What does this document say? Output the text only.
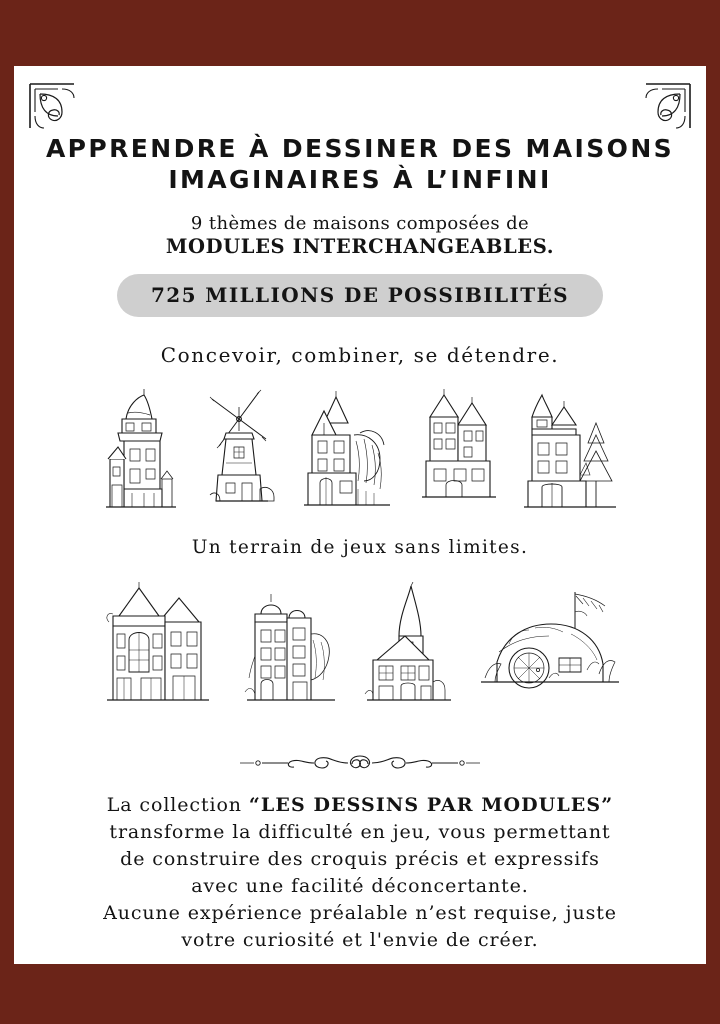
APPRENDRE À DESSINER DES MAISONS
IMAGINAIRES À L’INFINI
9 thèmes de maisons composées de
MODULES INTERCHANGEABLES.
725 MILLIONS DE POSSIBILITÉS
Concevoir, combiner, se détendre.
Un terrain de jeux sans limites.
La collection “LES DESSINS PAR MODULES”
transforme la difficulté en jeu, vous permettant
de construire des croquis précis et expressifs
avec une facilité déconcertante.
Aucune expérience préalable n’est requise, juste
votre curiosité et l'envie de créer.
